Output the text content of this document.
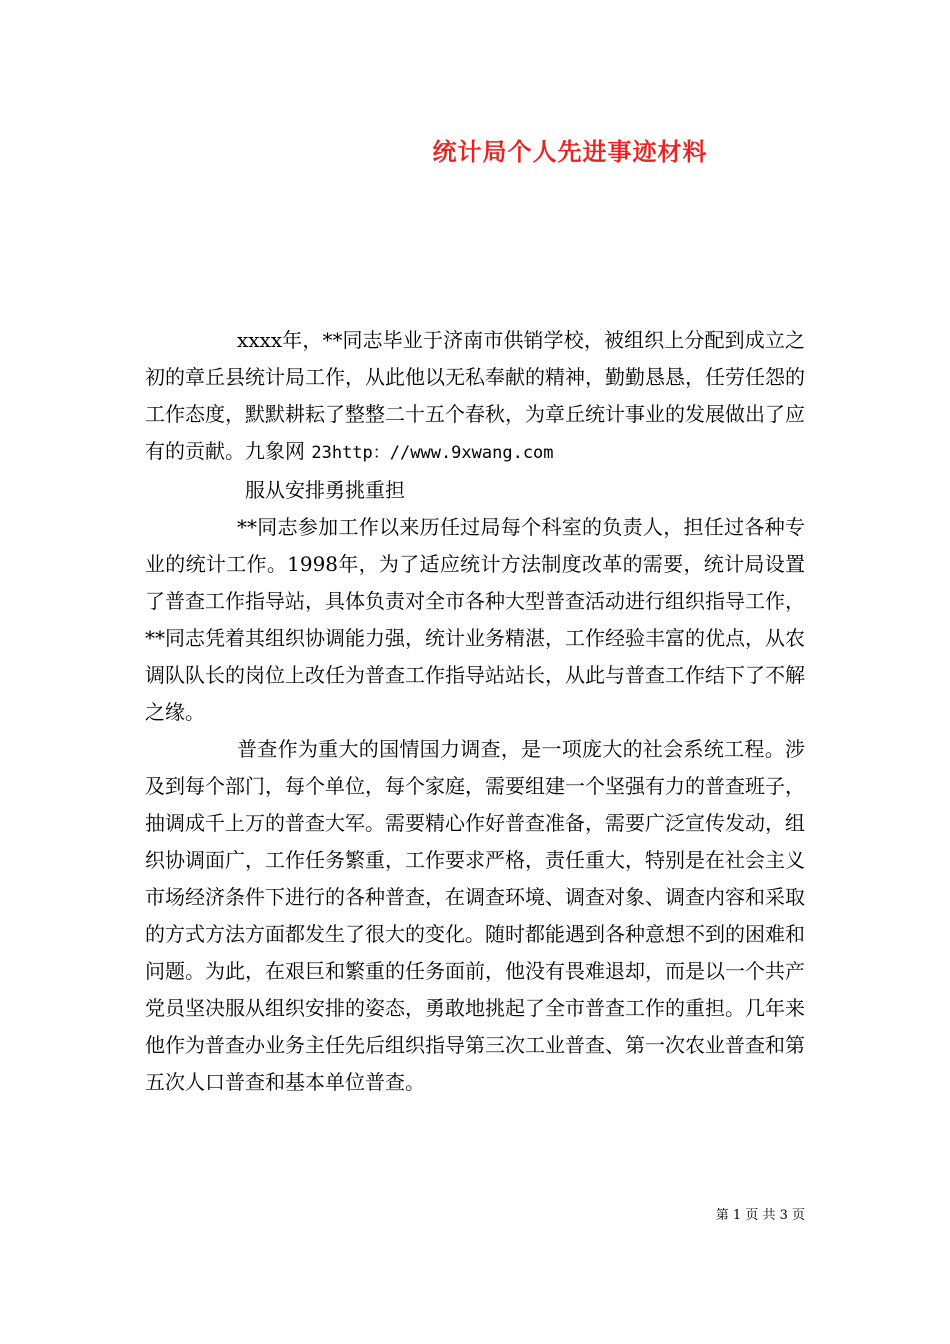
统计局个人先进事迹材料

xxxx年，**同志毕业于济南市供销学校，被组织上分配到成立之初的章丘县统计局工作，从此他以无私奉献的精神，勤勤恳恳，任劳任怨的工作态度，默默耕耘了整整二十五个春秋，为章丘统计事业的发展做出了应有的贡献。九象网 23http：//www.9xwang.com

服从安排勇挑重担

**同志参加工作以来历任过局每个科室的负责人，担任过各种专业的统计工作。1998年，为了适应统计方法制度改革的需要，统计局设置了普查工作指导站，具体负责对全市各种大型普查活动进行组织指导工作，**同志凭着其组织协调能力强，统计业务精湛，工作经验丰富的优点，从农调队队长的岗位上改任为普查工作指导站站长，从此与普查工作结下了不解之缘。

普查作为重大的国情国力调查，是一项庞大的社会系统工程。涉及到每个部门，每个单位，每个家庭，需要组建一个坚强有力的普查班子，抽调成千上万的普查大军。需要精心作好普查准备，需要广泛宣传发动，组织协调面广，工作任务繁重，工作要求严格，责任重大，特别是在社会主义市场经济条件下进行的各种普查，在调查环境、调查对象、调查内容和采取的方式方法方面都发生了很大的变化。随时都能遇到各种意想不到的困难和问题。为此，在艰巨和繁重的任务面前，他没有畏难退却，而是以一个共产党员坚决服从组织安排的姿态，勇敢地挑起了全市普查工作的重担。几年来他作为普查办业务主任先后组织指导第三次工业普查、第一次农业普查和第五次人口普查和基本单位普查。

第 1 页 共 3 页
